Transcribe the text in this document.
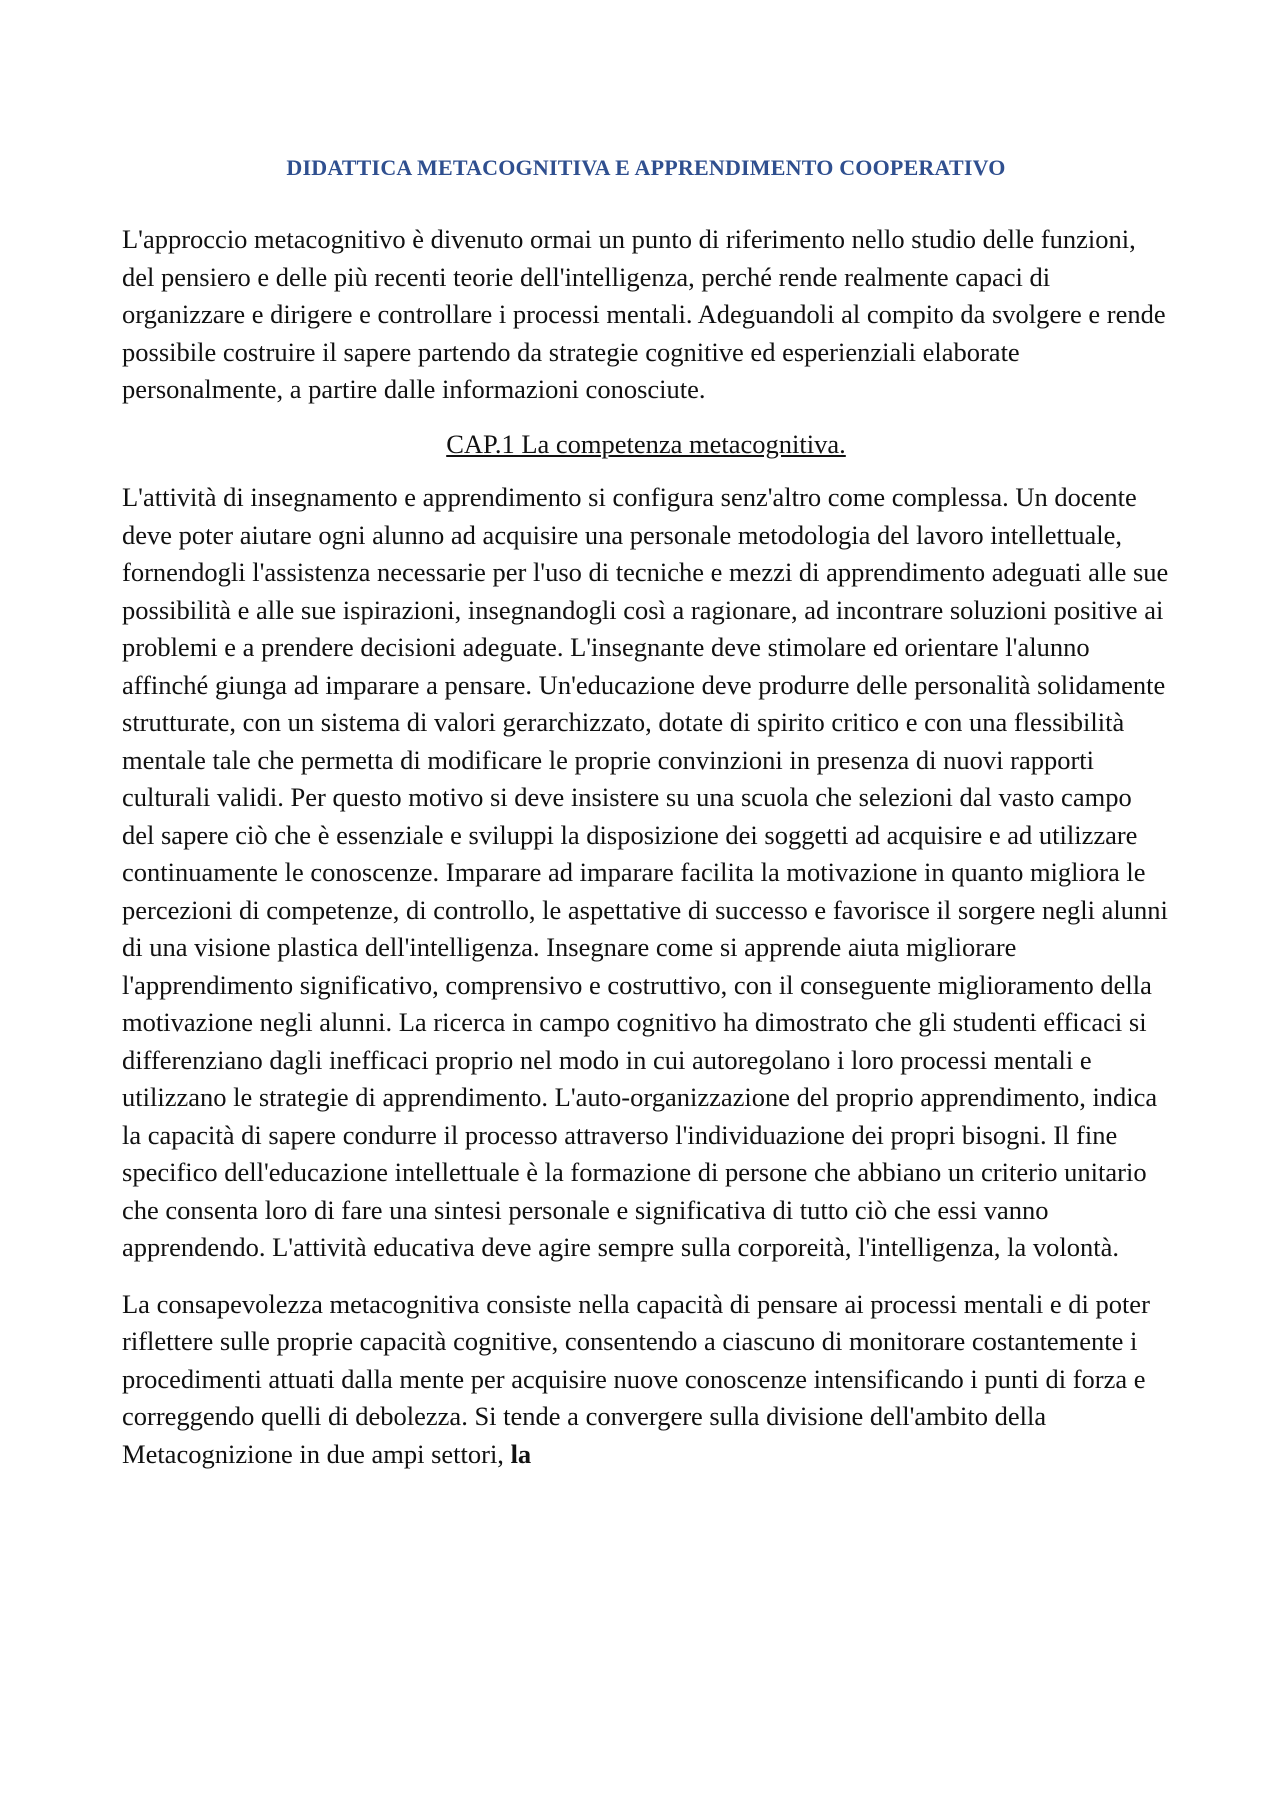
DIDATTICA METACOGNITIVA E APPRENDIMENTO COOPERATIVO

L'approccio metacognitivo è divenuto ormai un punto di riferimento nello studio delle funzioni, del pensiero e delle più recenti teorie dell'intelligenza, perché rende realmente capaci di organizzare e dirigere e controllare i processi mentali. Adeguandoli al compito da svolgere e rende possibile costruire il sapere partendo da strategie cognitive ed esperienziali elaborate personalmente, a partire dalle informazioni conosciute.

CAP.1 La competenza metacognitiva.

L'attività di insegnamento e apprendimento si configura senz'altro come complessa. Un docente deve poter aiutare ogni alunno ad acquisire una personale metodologia del lavoro intellettuale, fornendogli l'assistenza necessarie per l'uso di tecniche e mezzi di apprendimento adeguati alle sue possibilità e alle sue ispirazioni, insegnandogli così a ragionare, ad incontrare soluzioni positive ai problemi e a prendere decisioni adeguate. L'insegnante deve stimolare ed orientare l'alunno affinché giunga ad imparare a pensare. Un'educazione deve produrre delle personalità solidamente strutturate, con un sistema di valori gerarchizzato, dotate di spirito critico e con una flessibilità mentale tale che permetta di modificare le proprie convinzioni in presenza di nuovi rapporti culturali validi. Per questo motivo si deve insistere su una scuola che selezioni dal vasto campo del sapere ciò che è essenziale e sviluppi la disposizione dei soggetti ad acquisire e ad utilizzare continuamente le conoscenze. Imparare ad imparare facilita la motivazione in quanto migliora le percezioni di competenze, di controllo, le aspettative di successo e favorisce il sorgere negli alunni di una visione plastica dell'intelligenza. Insegnare come si apprende aiuta migliorare l'apprendimento significativo, comprensivo e costruttivo, con il conseguente miglioramento della motivazione negli alunni. La ricerca in campo cognitivo ha dimostrato che gli studenti efficaci si differenziano dagli inefficaci proprio nel modo in cui autoregolano i loro processi mentali e utilizzano le strategie di apprendimento. L'auto-organizzazione del proprio apprendimento, indica la capacità di sapere condurre il processo attraverso l'individuazione dei propri bisogni. Il fine specifico dell'educazione intellettuale è la formazione di persone che abbiano un criterio unitario che consenta loro di fare una sintesi personale e significativa di tutto ciò che essi vanno apprendendo. L'attività educativa deve agire sempre sulla corporeità, l'intelligenza, la volontà.

La consapevolezza metacognitiva consiste nella capacità di pensare ai processi mentali e di poter riflettere sulle proprie capacità cognitive, consentendo a ciascuno di monitorare costantemente i procedimenti attuati dalla mente per acquisire nuove conoscenze intensificando i punti di forza e correggendo quelli di debolezza. Si tende a convergere sulla divisione dell'ambito della Metacognizione in due ampi settori, la
